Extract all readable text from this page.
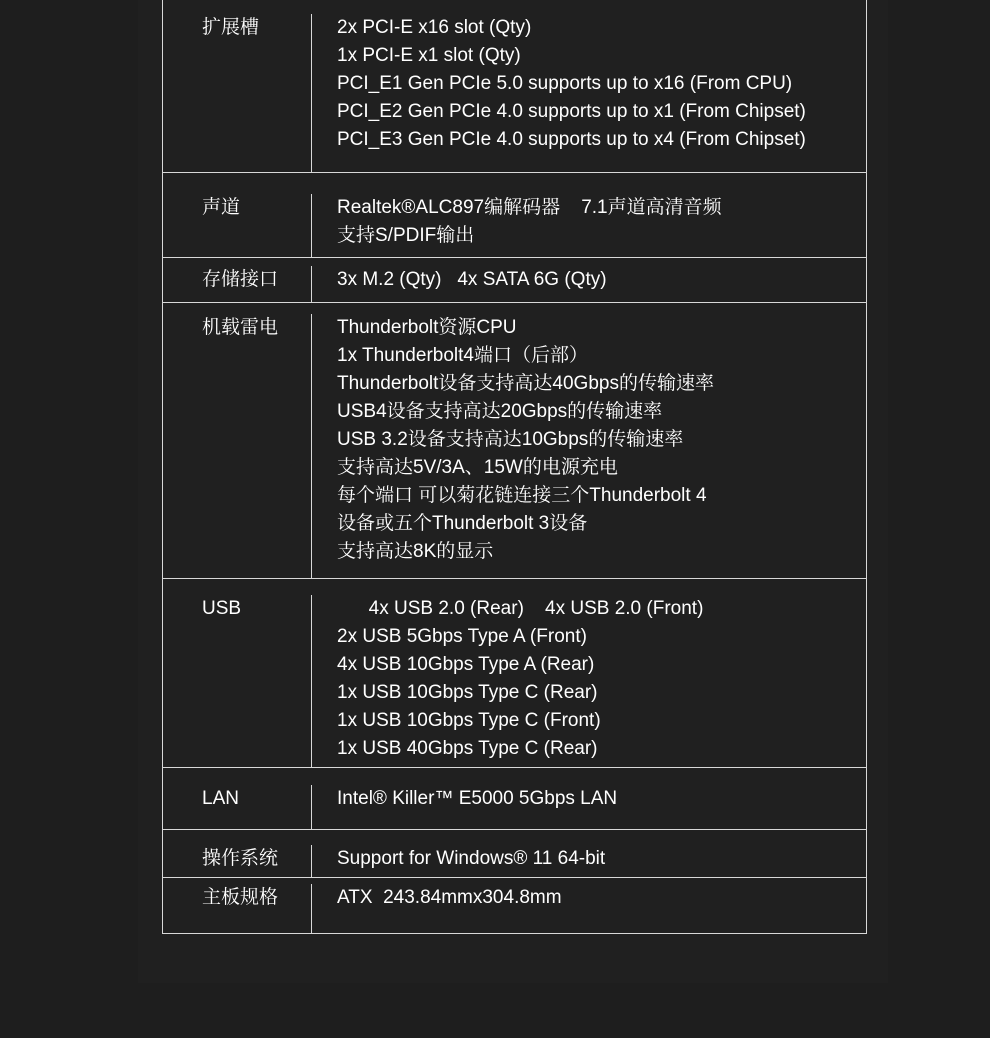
扩展槽	2x PCI-E x16 slot (Qty)
1x PCI-E x1 slot (Qty)
PCI_E1 Gen PCIe 5.0 supports up to x16 (From CPU)
PCI_E2 Gen PCIe 4.0 supports up to x1 (From Chipset)
PCI_E3 Gen PCIe 4.0 supports up to x4 (From Chipset)
声道	Realtek®ALC897编解码器    7.1声道高清音频
支持S/PDIF输出
存储接口	3x M.2 (Qty)   4x SATA 6G (Qty)
机载雷电	Thunderbolt资源CPU
1x Thunderbolt4端口（后部）
Thunderbolt设备支持高达40Gbps的传输速率
USB4设备支持高达20Gbps的传输速率
USB 3.2设备支持高达10Gbps的传输速率
支持高达5V/3A、15W的电源充电
每个端口 可以菊花链连接三个Thunderbolt 4
设备或五个Thunderbolt 3设备
支持高达8K的显示
USB	4x USB 2.0 (Rear)    4x USB 2.0 (Front)
2x USB 5Gbps Type A (Front)
4x USB 10Gbps Type A (Rear)
1x USB 10Gbps Type C (Rear)
1x USB 10Gbps Type C (Front)
1x USB 40Gbps Type C (Rear)
LAN	Intel® Killer™ E5000 5Gbps LAN
操作系统	Support for Windows® 11 64-bit
主板规格	ATX  243.84mmx304.8mm
